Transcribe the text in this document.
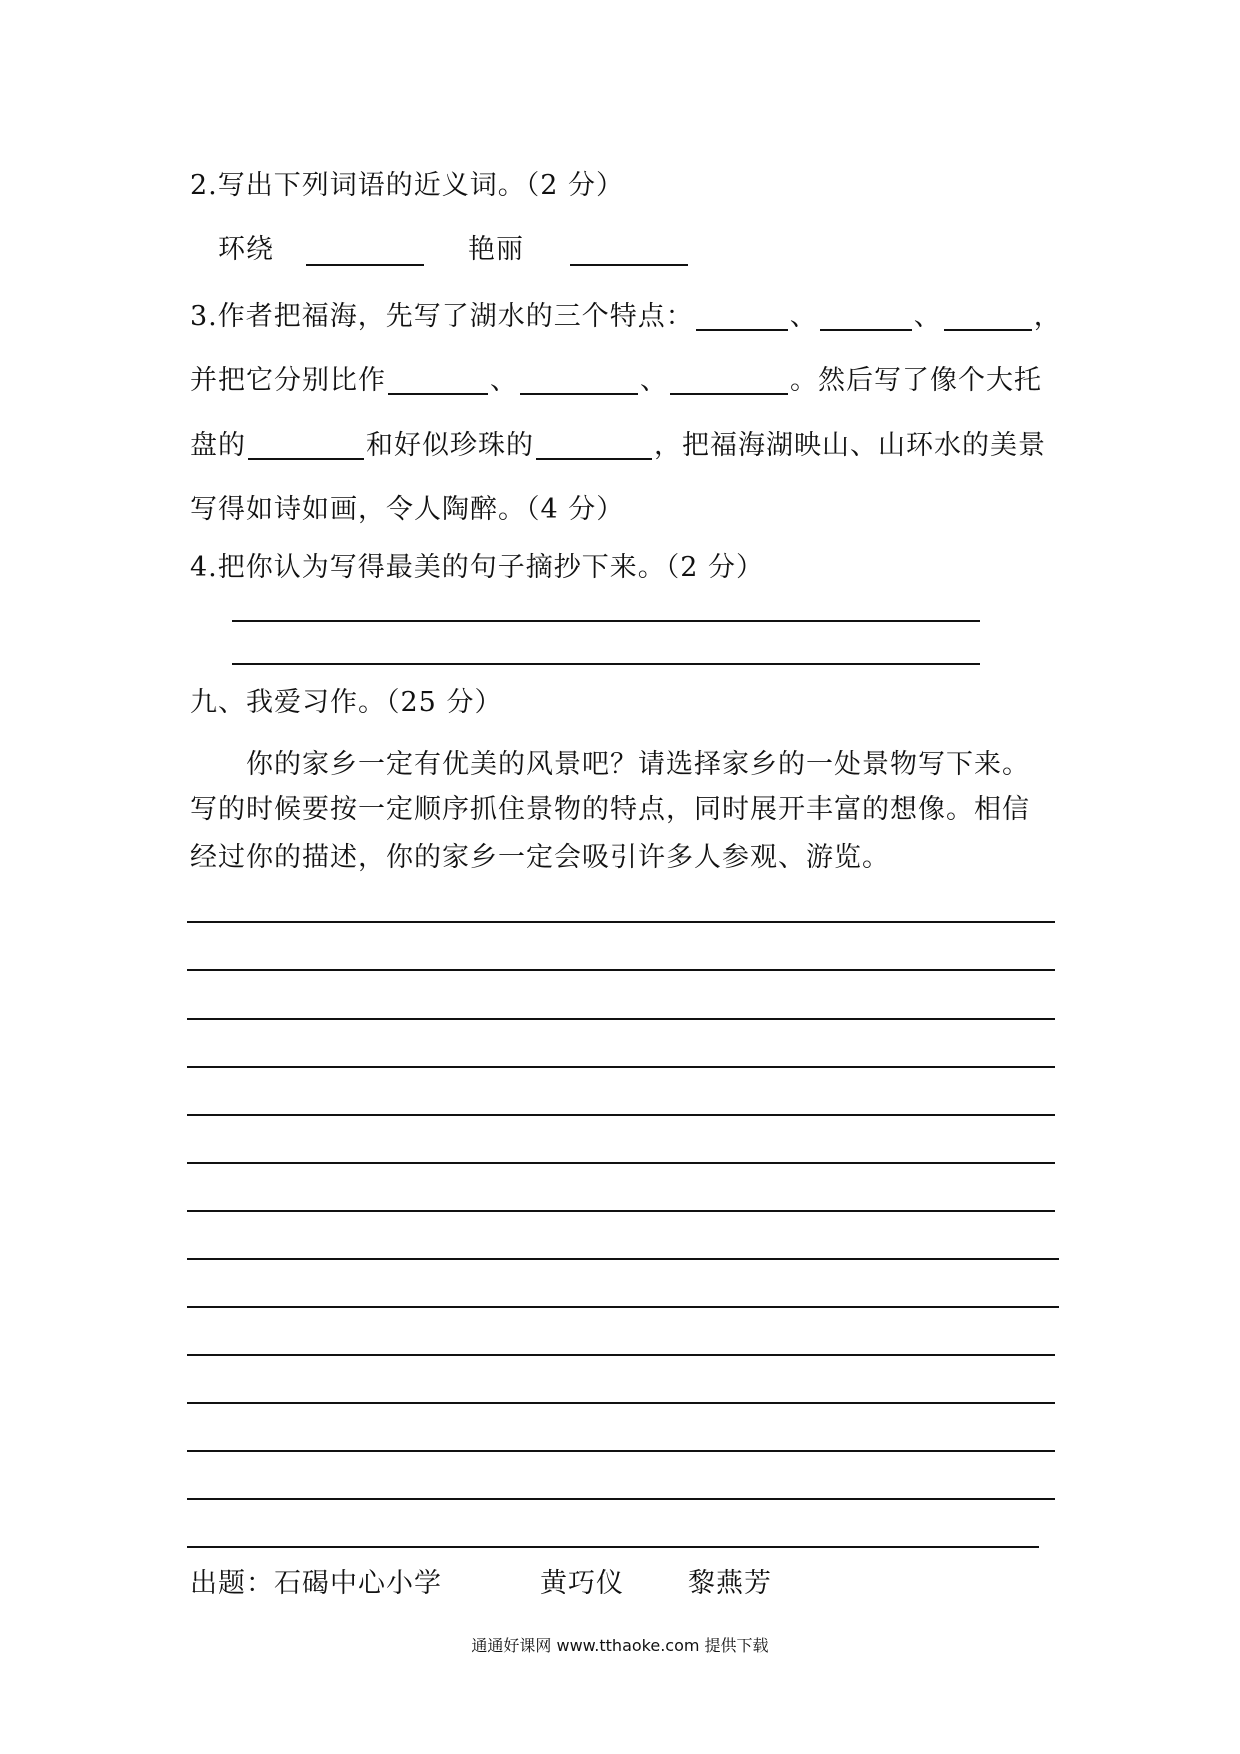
2.写出下列词语的近义词。（2 分）
环绕	艳丽
3.作者把福海，先写了湖水的三个特点：	、	、	，
并把它分别比作	、	、	。然后写了像个大托
盘的	和好似珍珠的	，把福海湖映山、山环水的美景
写得如诗如画，令人陶醉。（4 分）
4.把你认为写得最美的句子摘抄下来。（2 分）
九、我爱习作。（25 分）
你的家乡一定有优美的风景吧？请选择家乡的一处景物写下来。
写的时候要按一定顺序抓住景物的特点，同时展开丰富的想像。相信
经过你的描述，你的家乡一定会吸引许多人参观、游览。
出题：石碣中心小学	黄巧仪 黎燕芳
通通好课网 www.tthaoke.com 提供下载
